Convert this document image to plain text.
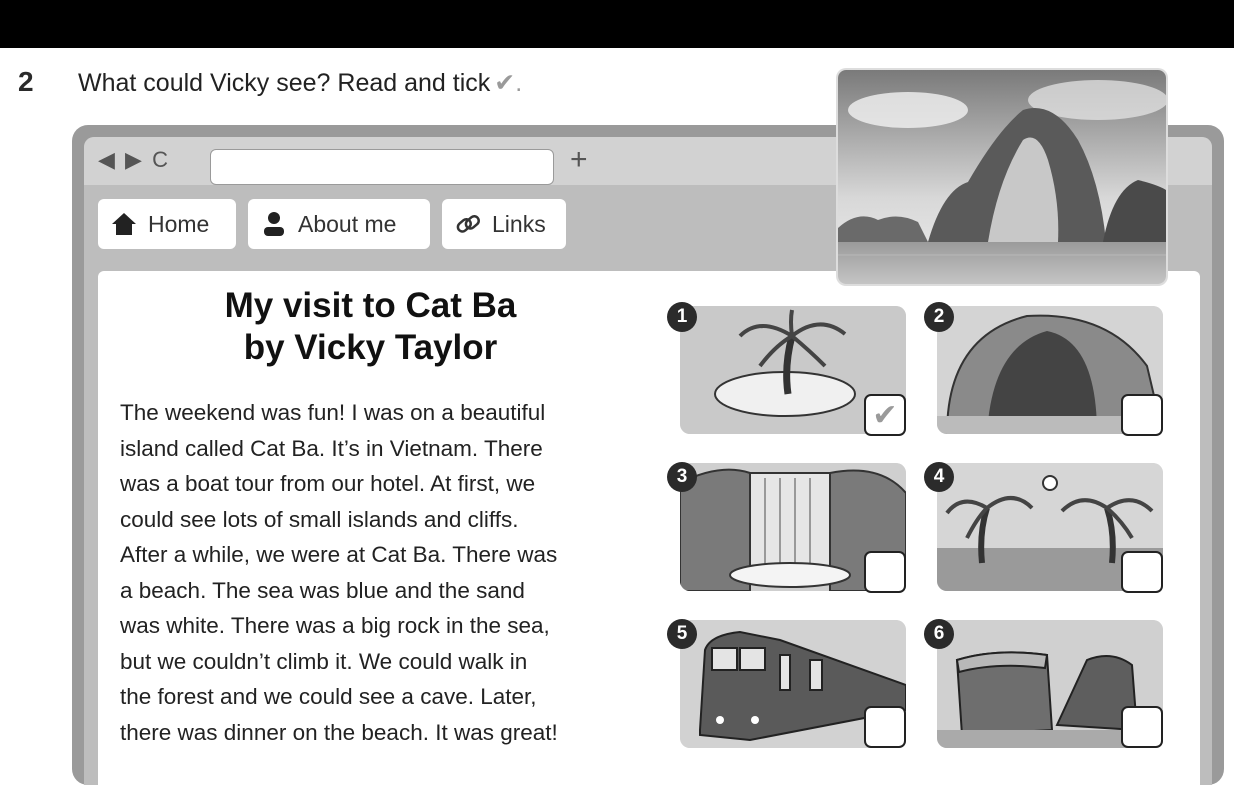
2 What could Vicky see? Read and tick ✔.
◀ ▶ C	+
Home	About me	Links
My visit to Cat Ba
by Vicky Taylor
The weekend was fun! I was on a beautiful
island called Cat Ba. It’s in Vietnam. There
was a boat tour from our hotel. At first, we
could see lots of small islands and cliffs.
After a while, we were at Cat Ba. There was
a beach. The sea was blue and the sand
was white. There was a big rock in the sea,
but we couldn’t climb it. We could walk in
the forest and we could see a cave. Later,
there was dinner on the beach. It was great!
1
✔
2
3	4
5	6
